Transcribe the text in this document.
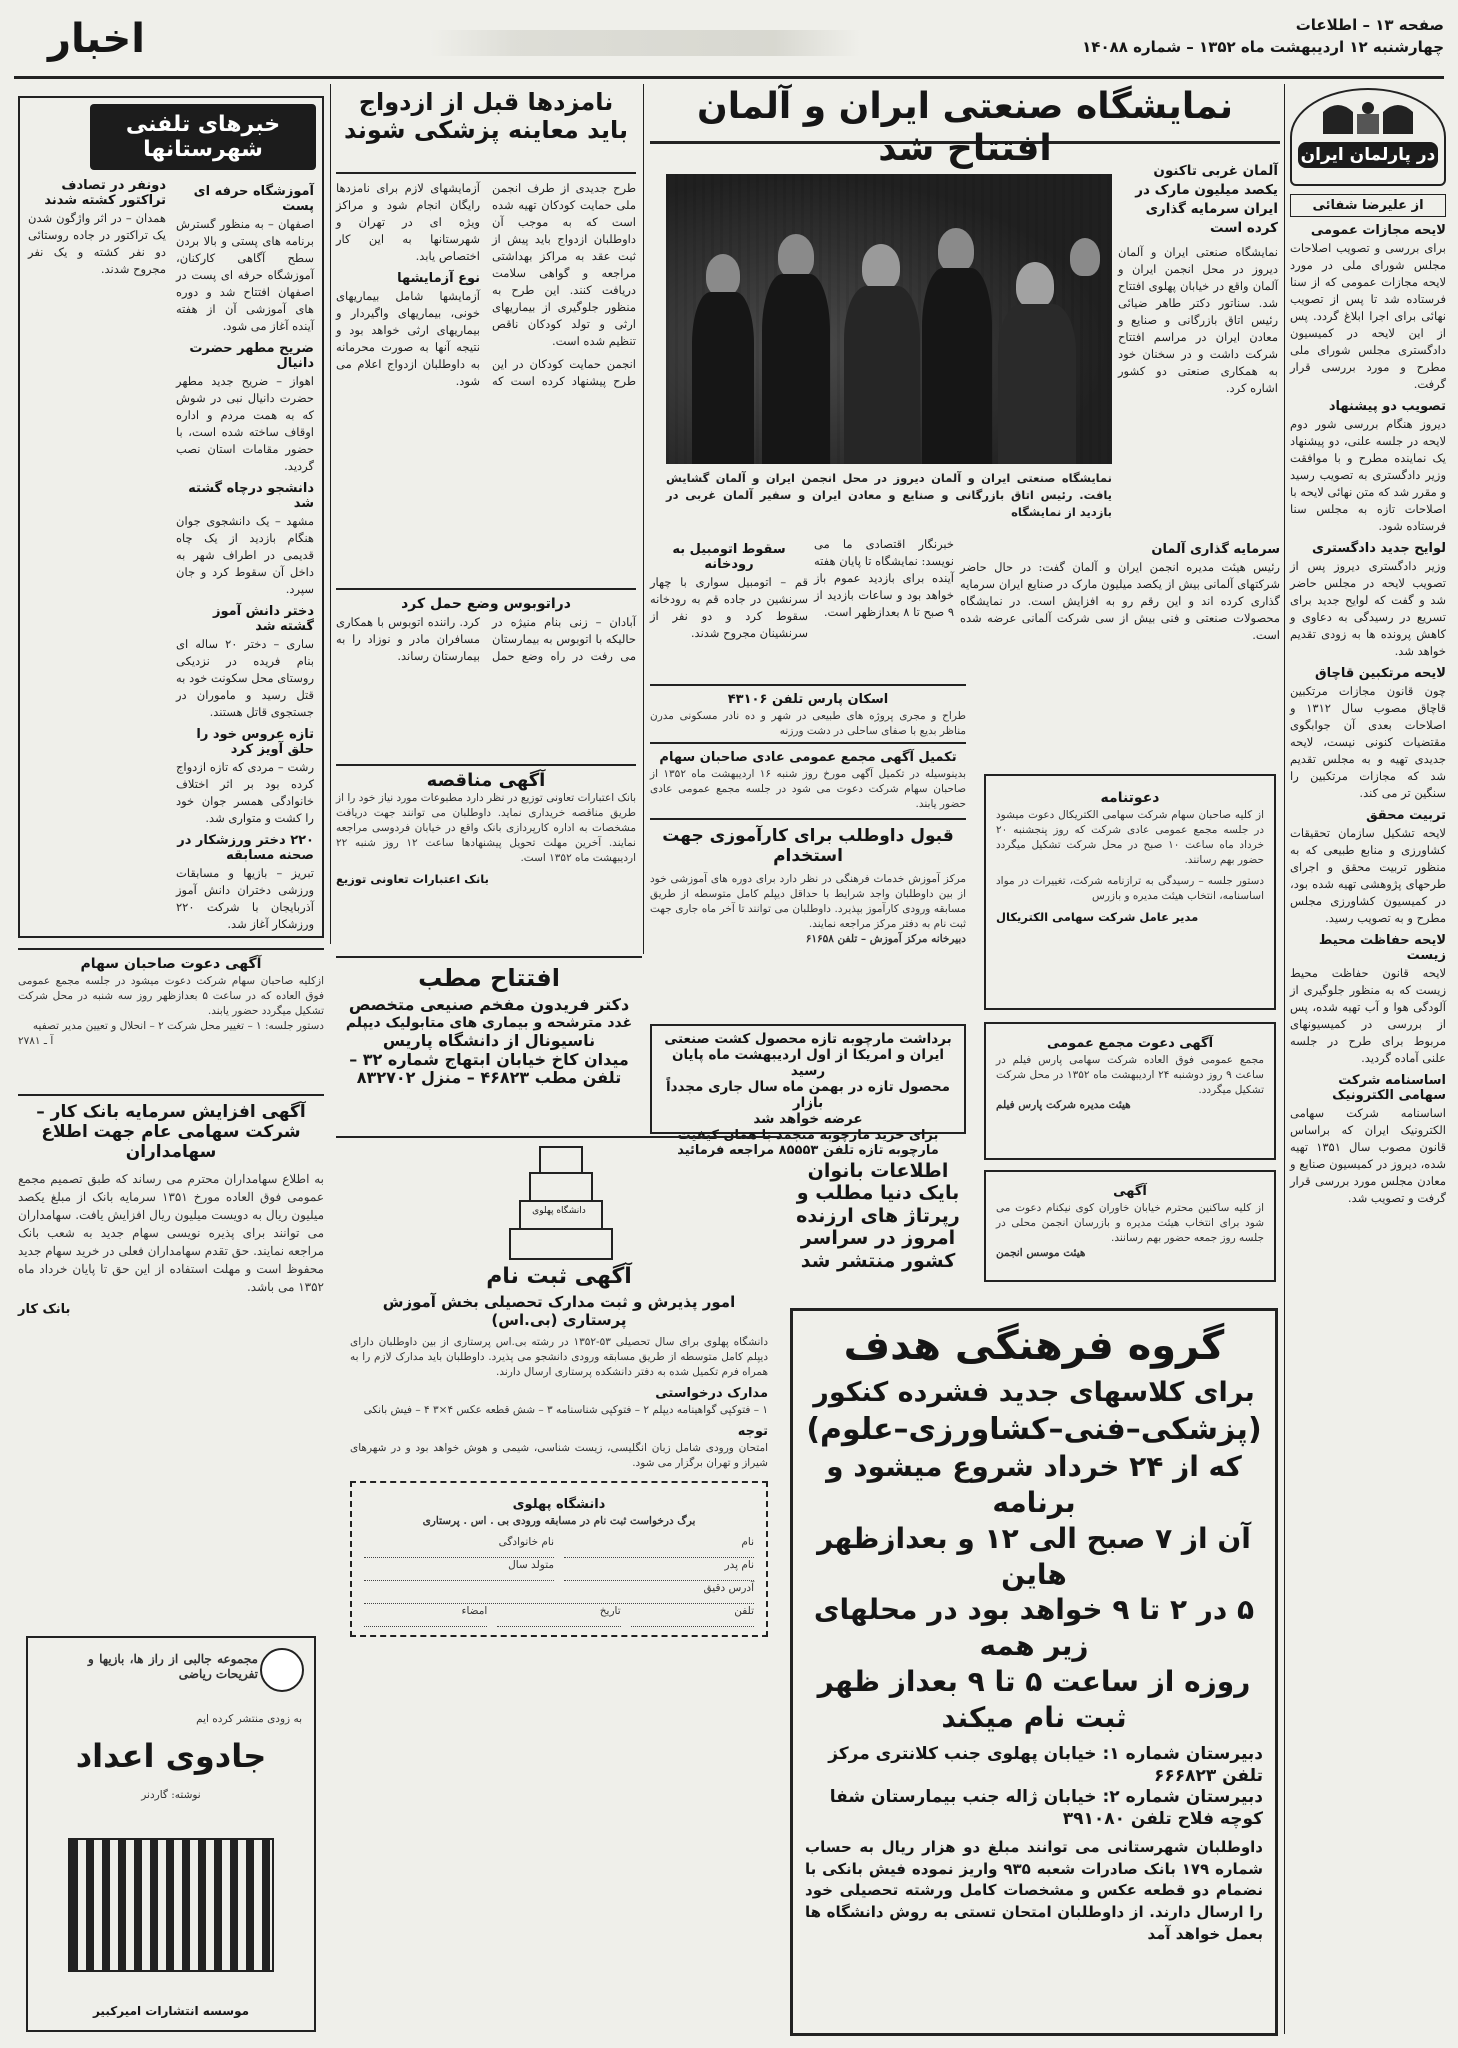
اخبار	صفحه ۱۳ – اطلاعات
چهارشنبه ۱۲ اردیبهشت ماه ۱۳۵۲ – شماره ۱۴۰۸۸
در پارلمان ایران
از علیرضا شفائی
لایحه مجازات عمومی
برای بررسی و تصویب اصلاحات مجلس شورای ملی در مورد لایحه مجازات عمومی که از سنا فرستاده شد تا پس از تصویب نهائی برای اجرا ابلاغ گردد. پس از این لایحه در کمیسیون دادگستری مجلس شورای ملی مطرح و مورد بررسی قرار گرفت.
تصویب دو پیشنهاد
دیروز هنگام بررسی شور دوم لایحه در جلسه علنی، دو پیشنهاد یک نماینده مطرح و با موافقت وزیر دادگستری به تصویب رسید و مقرر شد که متن نهائی لایحه با اصلاحات تازه به مجلس سنا فرستاده شود.
لوایح جدید دادگستری
وزیر دادگستری دیروز پس از تصویب لایحه در مجلس حاضر شد و گفت که لوایح جدید برای تسریع در رسیدگی به دعاوی و کاهش پرونده ها به زودی تقدیم خواهد شد.
لایحه مرتکبین قاچاق
چون قانون مجازات مرتکبین قاچاق مصوب سال ۱۳۱۲ و اصلاحات بعدی آن جوابگوی مقتضیات کنونی نیست، لایحه جدیدی تهیه و به مجلس تقدیم شد که مجازات مرتکبین را سنگین تر می کند.
تربیت محقق
لایحه تشکیل سازمان تحقیقات کشاورزی و منابع طبیعی که به منظور تربیت محقق و اجرای طرحهای پژوهشی تهیه شده بود، در کمیسیون کشاورزی مجلس مطرح و به تصویب رسید.
لایحه حفاظت محیط زیست
لایحه قانون حفاظت محیط زیست که به منظور جلوگیری از آلودگی هوا و آب تهیه شده، پس از بررسی در کمیسیونهای مربوط برای طرح در جلسه علنی آماده گردید.
اساسنامه شرکت سهامی الکترونیک
اساسنامه شرکت سهامی الکترونیک ایران که براساس قانون مصوب سال ۱۳۵۱ تهیه شده، دیروز در کمیسیون صنایع و معادن مجلس مورد بررسی قرار گرفت و تصویب شد.
نمایشگاه صنعتی ایران و آلمان افتتاح شد
آلمان غربی تاکنون یکصد میلیون مارک در ایران سرمایه گذاری کرده است
نمایشگاه صنعتی ایران و آلمان دیروز در محل انجمن ایران و آلمان واقع در خیابان پهلوی افتتاح شد. سناتور دکتر طاهر ضیائی رئیس اتاق بازرگانی و صنایع و معادن ایران در مراسم افتتاح شرکت داشت و در سخنان خود به همکاری صنعتی دو کشور اشاره کرد.
نمایشگاه صنعتی ایران و آلمان دیروز در محل انجمن ایران و آلمان گشایش یافت. رئیس اتاق بازرگانی و صنایع و معادن ایران و سفیر آلمان غربی در بازدید از نمایشگاه
سرمایه گذاری آلمان
رئیس هیئت مدیره انجمن ایران و آلمان گفت: در حال حاضر شرکتهای آلمانی بیش از یکصد میلیون مارک در صنایع ایران سرمایه گذاری کرده اند و این رقم رو به افزایش است. در نمایشگاه محصولات صنعتی و فنی بیش از سی شرکت آلمانی عرضه شده است.
خبرنگار اقتصادی ما می نویسد: نمایشگاه تا پایان هفته آینده برای بازدید عموم باز خواهد بود و ساعات بازدید از ۹ صبح تا ۸ بعدازظهر است.
سقوط اتومبیل به رودخانه
قم – اتومبیل سواری با چهار سرنشین در جاده قم به رودخانه سقوط کرد و دو نفر از سرنشینان مجروح شدند.
نامزدها قبل از ازدواج باید معاینه پزشکی شوند
طرح جدیدی از طرف انجمن ملی حمایت کودکان تهیه شده است که به موجب آن داوطلبان ازدواج باید پیش از ثبت عقد به مراکز بهداشتی مراجعه و گواهی سلامت دریافت کنند. این طرح به منظور جلوگیری از بیماریهای ارثی و تولد کودکان ناقص تنظیم شده است.
انجمن حمایت کودکان در این طرح پیشنهاد کرده است که آزمایشهای لازم برای نامزدها رایگان انجام شود و مراکز ویژه ای در تهران و شهرستانها به این کار اختصاص یابد.
نوع آزمایشها
آزمایشها شامل بیماریهای خونی، بیماریهای واگیردار و بیماریهای ارثی خواهد بود و نتیجه آنها به صورت محرمانه به داوطلبان ازدواج اعلام می شود.
دراتوبوس وضع حمل کرد
آبادان – زنی بنام منیژه در حالیکه با اتوبوس به بیمارستان می رفت در راه وضع حمل کرد. راننده اتوبوس با همکاری مسافران مادر و نوزاد را به بیمارستان رساند.
آگهی مناقصه
بانک اعتبارات تعاونی توزیع در نظر دارد مطبوعات مورد نیاز خود را از طریق مناقصه خریداری نماید. داوطلبان می توانند جهت دریافت مشخصات به اداره کارپردازی بانک واقع در خیابان فردوسی مراجعه نمایند. آخرین مهلت تحویل پیشنهادها ساعت ۱۲ روز شنبه ۲۲ اردیبهشت ماه ۱۳۵۲ است.
بانک اعتبارات تعاونی توزیع
خبرهای تلفنی شهرستانها
آموزشگاه حرفه ای پست
اصفهان – به منظور گسترش برنامه های پستی و بالا بردن سطح آگاهی کارکنان، آموزشگاه حرفه ای پست در اصفهان افتتاح شد و دوره های آموزشی آن از هفته آینده آغاز می شود.
ضریح مطهر حضرت دانیال
اهواز – ضریح جدید مطهر حضرت دانیال نبی در شوش که به همت مردم و اداره اوقاف ساخته شده است، با حضور مقامات استان نصب گردید.
دانشجو درچاه گشته شد
مشهد – یک دانشجوی جوان هنگام بازدید از یک چاه قدیمی در اطراف شهر به داخل آن سقوط کرد و جان سپرد.
دختر دانش آموز گشته شد
ساری – دختر ۲۰ ساله ای بنام فریده در نزدیکی روستای محل سکونت خود به قتل رسید و ماموران در جستجوی قاتل هستند.
تازه عروس خود را حلق آویز کرد
رشت – مردی که تازه ازدواج کرده بود بر اثر اختلاف خانوادگی همسر جوان خود را کشت و متواری شد.
۲۲۰ دختر ورزشکار در صحنه مسابقه
تبریز – بازیها و مسابقات ورزشی دختران دانش آموز آذربایجان با شرکت ۲۲۰ ورزشکار آغاز شد.
دونفر در تصادف تراکتور کشته شدند
همدان – در اثر واژگون شدن یک تراکتور در جاده روستائی دو نفر کشته و یک نفر مجروح شدند.
آگهی دعوت صاحبان سهام
ازکلیه صاحبان سهام شرکت دعوت میشود در جلسه مجمع عمومی فوق العاده که در ساعت ۵ بعدازظهر روز سه شنبه در محل شرکت تشکیل میگردد حضور یابند.
دستور جلسه: ۱ – تغییر محل شرکت ۲ – انحلال و تعیین مدیر تصفیه
آ ـ ۲۷۸۱
آگهی افزایش سرمایه بانک کار – شرکت سهامی عام جهت اطلاع سهامداران
به اطلاع سهامداران محترم می رساند که طبق تصمیم مجمع عمومی فوق العاده مورخ ۱۳۵۱ سرمایه بانک از مبلغ یکصد میلیون ریال به دویست میلیون ریال افزایش یافت. سهامداران می توانند برای پذیره نویسی سهام جدید به شعب بانک مراجعه نمایند. حق تقدم سهامداران فعلی در خرید سهام جدید محفوظ است و مهلت استفاده از این حق تا پایان خرداد ماه ۱۳۵۲ می باشد.
بانک کار
مجموعه جالبی از راز ها، بازیها و تفریحات ریاضی
به زودی منتشر کرده ایم
جادوی اعداد
نوشته: گاردنر
موسسه انتشارات امیرکبیر
اسکان پارس تلفن ۴۳۱۰۶
طراح و مجری پروژه های طبیعی در شهر و ده نادر مسکونی مدرن مناظر بدیع با صفای ساحلی در دشت ورزنه
تکمیل آگهی مجمع عمومی عادی صاحبان سهام
بدینوسیله در تکمیل آگهی مورخ روز شنبه ۱۶ اردیبهشت ماه ۱۳۵۲ از صاحبان سهام شرکت دعوت می شود در جلسه مجمع عمومی عادی حضور یابند.
قبول داوطلب برای کارآموزی جهت استخدام
مرکز آموزش خدمات فرهنگی در نظر دارد برای دوره های آموزشی خود از بین داوطلبان واجد شرایط با حداقل دیپلم کامل متوسطه از طریق مسابقه ورودی کارآموز بپذیرد. داوطلبان می توانند تا آخر ماه جاری جهت ثبت نام به دفتر مرکز مراجعه نمایند.
دبیرخانه مرکز آموزش – تلفن ۶۱۶۵۸
دعوتنامه
از کلیه صاحبان سهام شرکت سهامی الکتریکال دعوت میشود در جلسه مجمع عمومی عادی شرکت که روز پنجشنبه ۲۰ خرداد ماه ساعت ۱۰ صبح در محل شرکت تشکیل میگردد حضور بهم رسانند.
دستور جلسه – رسیدگی به ترازنامه شرکت، تغییرات در مواد اساسنامه، انتخاب هیئت مدیره و بازرس
مدیر عامل شرکت سهامی الکتریکال
آگهی دعوت مجمع عمومی
مجمع عمومی فوق العاده شرکت سهامی پارس فیلم در ساعت ۹ روز دوشنبه ۲۴ اردیبهشت ماه ۱۳۵۲ در محل شرکت تشکیل میگردد.
هیئت مدیره شرکت پارس فیلم
آگهی
از کلیه ساکنین محترم خیابان خاوران کوی نیکنام دعوت می شود برای انتخاب هیئت مدیره و بازرسان انجمن محلی در جلسه روز جمعه حضور بهم رسانند.
هیئت موسس انجمن
افتتاح مطب
دکتر فریدون مفخم صنیعی متخصص
غدد مترشحه و بیماری های متابولیک دیپلم
ناسیونال از دانشگاه پاریس
میدان کاخ خیابان ابتهاج شماره ۳۲ –
تلفن مطب ۴۶۸۲۳ – منزل ۸۳۲۷۰۲
برداشت مارچوبه تازه محصول کشت صنعتی
ایران و امریکا از اول اردیبهشت ماه پایان رسید
محصول تازه در بهمن ماه سال جاری مجدداً بازار
عرضه خواهد شد
برای خرید مارچوبه منجمد با همان کیفیت
مارچوبه تازه تلفن ۸۵۵۵۳ مراجعه فرمائید
اطلاعات بانوان
بایک دنیا مطلب و
رپرتاژ های ارزنده
امروز در سراسر
کشور منتشر شد
دانشگاه پهلوی
آگهی ثبت نام
امور پذیرش و ثبت مدارک تحصیلی بخش آموزش پرستاری (بی.اس)
دانشگاه پهلوی برای سال تحصیلی ۵۳-۱۳۵۲ در رشته بی.اس پرستاری از بین داوطلبان دارای دیپلم کامل متوسطه از طریق مسابقه ورودی دانشجو می پذیرد. داوطلبان باید مدارک لازم را به همراه فرم تکمیل شده به دفتر دانشکده پرستاری ارسال دارند.
مدارک درخواستی
۱ – فتوکپی گواهینامه دیپلم ۲ – فتوکپی شناسنامه ۳ – شش قطعه عکس ۴×۳ ۴ – فیش بانکی
توجه
امتحان ورودی شامل زبان انگلیسی، زیست شناسی، شیمی و هوش خواهد بود و در شهرهای شیراز و تهران برگزار می شود.
دانشگاه پهلوی
برگ درخواست ثبت نام در مسابقه ورودی بی . اس . پرستاری
نام
نام خانوادگی
نام پدر
متولد سال
آدرس دقیق
تلفن
تاریخ
امضاء
گروه فرهنگی هدف
برای کلاسهای جدید فشرده کنکور
(پزشکی–فنی–کشاورزی–علوم)
که از ۲۴ خرداد شروع میشود و برنامه
آن از ۷ صبح الی ۱۲ و بعدازظهر هاین
۵ در ۲ تا ۹ خواهد بود در محلهای زیر همه
روزه از ساعت ۵ تا ۹ بعداز ظهر
ثبت نام میکند
دبیرستان شماره ۱: خیابان پهلوی جنب کلانتری مرکز تلفن ۶۶۶۸۲۳
دبیرستان شماره ۲: خیابان ژاله جنب بیمارستان شفا کوچه فلاح تلفن ۳۹۱۰۸۰
داوطلبان شهرستانی می توانند مبلغ دو هزار ریال به حساب شماره ۱۷۹ بانک صادرات شعبه ۹۳۵ واریز نموده فیش بانکی با نضمام دو قطعه عکس و مشخصات کامل ورشته تحصیلی خود را ارسال دارند. از داوطلبان امتحان تستی به روش دانشگاه ها بعمل خواهد آمد
